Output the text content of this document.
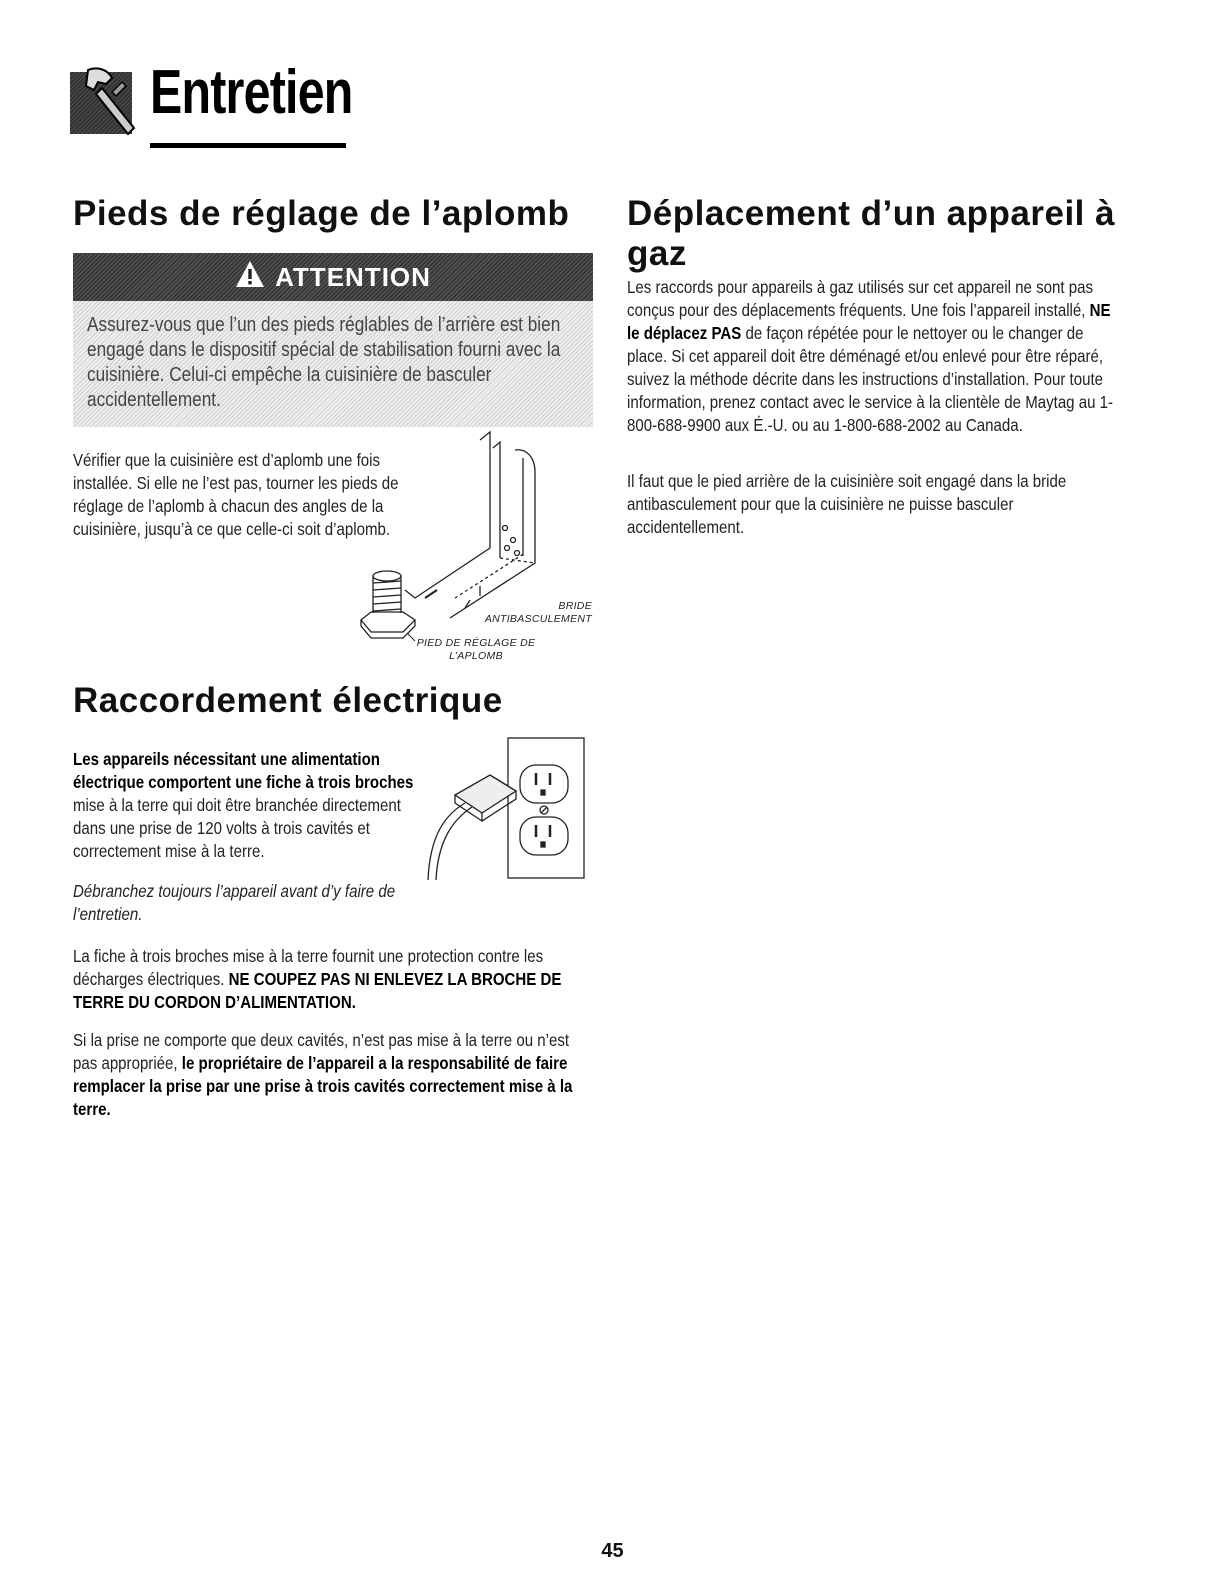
Entretien
Pieds de réglage de l’aplomb
ATTENTION
Assurez-vous que l’un des pieds réglables de l’arrière est bien engagé dans le dispositif spécial de stabilisation fourni avec la cuisinière. Celui-ci empêche la cuisinière de basculer accidentellement.

Vérifier que la cuisinière est d’aplomb une fois installée. Si elle ne l’est pas, tourner les pieds de réglage de l’aplomb à chacun des angles de la cuisinière, jusqu’à ce que celle-ci soit d’aplomb.

BRIDE
ANTIBASCULEMENT
PIED DE RÉGLAGE DE
L’APLOMB
Raccordement électrique

Les appareils nécessitant une alimentation électrique comportent une fiche à trois broches mise à la terre qui doit être branchée directement dans une prise de 120 volts à trois cavités et correctement mise à la terre.

Débranchez toujours l’appareil avant d’y faire de l’entretien.

La fiche à trois broches mise à la terre fournit une protection contre les décharges électriques. NE COUPEZ PAS NI ENLEVEZ LA BROCHE DE TERRE DU CORDON D’ALIMENTATION.

Si la prise ne comporte que deux cavités, n’est pas mise à la terre ou n’est pas appropriée, le propriétaire de l’appareil a la responsabilité de faire remplacer la prise par une prise à trois cavités correctement mise à la terre.

Déplacement d’un appareil à gaz

Les raccords pour appareils à gaz utilisés sur cet appareil ne sont pas conçus pour des déplacements fréquents. Une fois l’appareil installé, NE le déplacez PAS de façon répétée pour le nettoyer ou le changer de place. Si cet appareil doit être déménagé et/ou enlevé pour être réparé, suivez la méthode décrite dans les instructions d’installation. Pour toute information, prenez contact avec le service à la clientèle de Maytag au 1-800-688-9900 aux É.-U. ou au 1-800-688-2002 au Canada.

Il faut que le pied arrière de la cuisinière soit engagé dans la bride antibasculement pour que la cuisinière ne puisse basculer accidentellement.

45
